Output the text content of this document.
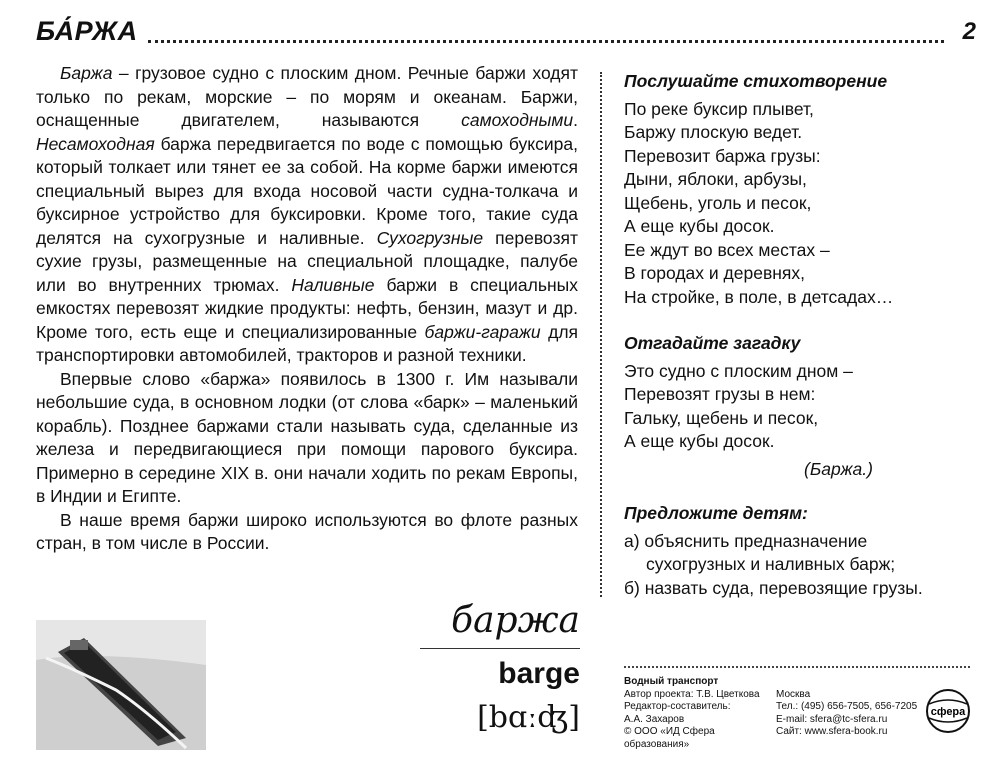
БА́РЖА	2

Баржа – грузовое судно с плоским дном. Речные баржи ходят только по рекам, морские – по морям и океанам. Баржи, оснащенные двигателем, называются самоходными. Несамоходная баржа передвигается по воде с помощью буксира, который толкает или тянет ее за собой. На корме баржи имеются специальный вырез для входа носовой части судна-толкача и буксирное устройство для буксировки. Кроме того, такие суда делятся на сухогрузные и наливные. Сухогрузные перевозят сухие грузы, размещенные на специальной площадке, палубе или во внутренних трюмах. Наливные баржи в специальных емкостях перевозят жидкие продукты: нефть, бензин, мазут и др. Кроме того, есть еще и специализированные баржи-гаражи для транспортировки автомобилей, тракторов и разной техники.

Впервые слово «баржа» появилось в 1300 г. Им называли небольшие суда, в основном лодки (от слова «барк» – маленький корабль). Позднее баржами стали называть суда, сделанные из железа и передвигающиеся при помощи парового буксира. Примерно в середине XIX в. они начали ходить по рекам Европы, в Индии и Египте.

В наше время баржи широко используются во флоте разных стран, в том числе в России.

Послушайте стихотворение
По реке буксир плывет,
Баржу плоскую ведет.
Перевозит баржа грузы:
Дыни, яблоки, арбузы,
Щебень, уголь и песок,
А еще кубы досок.
Ее ждут во всех местах –
В городах и деревнях,
На стройке, в поле, в детсадах…
Отгадайте загадку
Это судно с плоским дном –
Перевозят грузы в нем:
Гальку, щебень и песок,
А еще кубы досок.
(Баржа.)
Предложите детям:
а) объяснить предназначение сухогрузных и наливных барж;
б) назвать суда, перевозящие грузы.
баржа
barge
[bɑːʤ]
Водный транспорт
Автор проекта: Т.В. Цветкова
Редактор-составитель:
А.А. Захаров
© ООО «ИД Сфера образования»

Москва
Тел.: (495) 656-7505, 656-7205
E-mail: sfera@tc-sfera.ru
Сайт: www.sfera-book.ru
сфера
